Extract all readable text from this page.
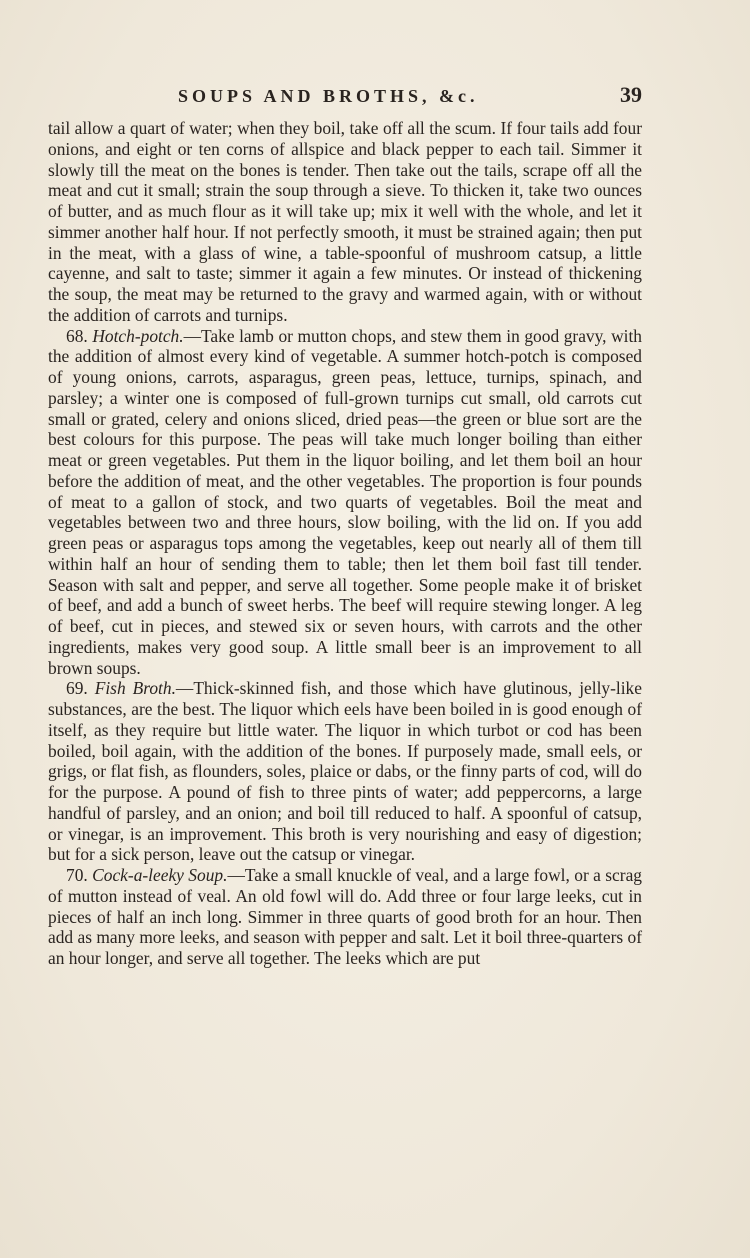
SOUPS AND BROTHS, &c.	39

tail allow a quart of water; when they boil, take off all the scum. If four tails add four onions, and eight or ten corns of allspice and black pepper to each tail. Simmer it slowly till the meat on the bones is tender. Then take out the tails, scrape off all the meat and cut it small; strain the soup through a sieve. To thicken it, take two ounces of butter, and as much flour as it will take up; mix it well with the whole, and let it simmer another half hour. If not perfectly smooth, it must be strained again; then put in the meat, with a glass of wine, a table-spoonful of mushroom catsup, a little cayenne, and salt to taste; simmer it again a few minutes. Or instead of thickening the soup, the meat may be returned to the gravy and warmed again, with or without the addition of carrots and turnips.

68. Hotch-potch.—Take lamb or mutton chops, and stew them in good gravy, with the addition of almost every kind of vegetable. A summer hotch-potch is composed of young onions, carrots, asparagus, green peas, lettuce, turnips, spinach, and parsley; a winter one is composed of full-grown turnips cut small, old carrots cut small or grated, celery and onions sliced, dried peas—the green or blue sort are the best colours for this purpose. The peas will take much longer boiling than either meat or green vegetables. Put them in the liquor boiling, and let them boil an hour before the addition of meat, and the other vegetables. The proportion is four pounds of meat to a gallon of stock, and two quarts of vegetables. Boil the meat and vegetables between two and three hours, slow boiling, with the lid on. If you add green peas or asparagus tops among the vegetables, keep out nearly all of them till within half an hour of sending them to table; then let them boil fast till tender. Season with salt and pepper, and serve all together. Some people make it of brisket of beef, and add a bunch of sweet herbs. The beef will require stewing longer. A leg of beef, cut in pieces, and stewed six or seven hours, with carrots and the other ingredients, makes very good soup. A little small beer is an improvement to all brown soups.

69. Fish Broth.—Thick-skinned fish, and those which have glutinous, jelly-like substances, are the best. The liquor which eels have been boiled in is good enough of itself, as they require but little water. The liquor in which turbot or cod has been boiled, boil again, with the addition of the bones. If purposely made, small eels, or grigs, or flat fish, as flounders, soles, plaice or dabs, or the finny parts of cod, will do for the purpose. A pound of fish to three pints of water; add peppercorns, a large handful of parsley, and an onion; and boil till reduced to half. A spoonful of catsup, or vinegar, is an improvement. This broth is very nourishing and easy of digestion; but for a sick person, leave out the catsup or vinegar.

70. Cock-a-leeky Soup.—Take a small knuckle of veal, and a large fowl, or a scrag of mutton instead of veal. An old fowl will do. Add three or four large leeks, cut in pieces of half an inch long. Simmer in three quarts of good broth for an hour. Then add as many more leeks, and season with pepper and salt. Let it boil three-quarters of an hour longer, and serve all together. The leeks which are put
